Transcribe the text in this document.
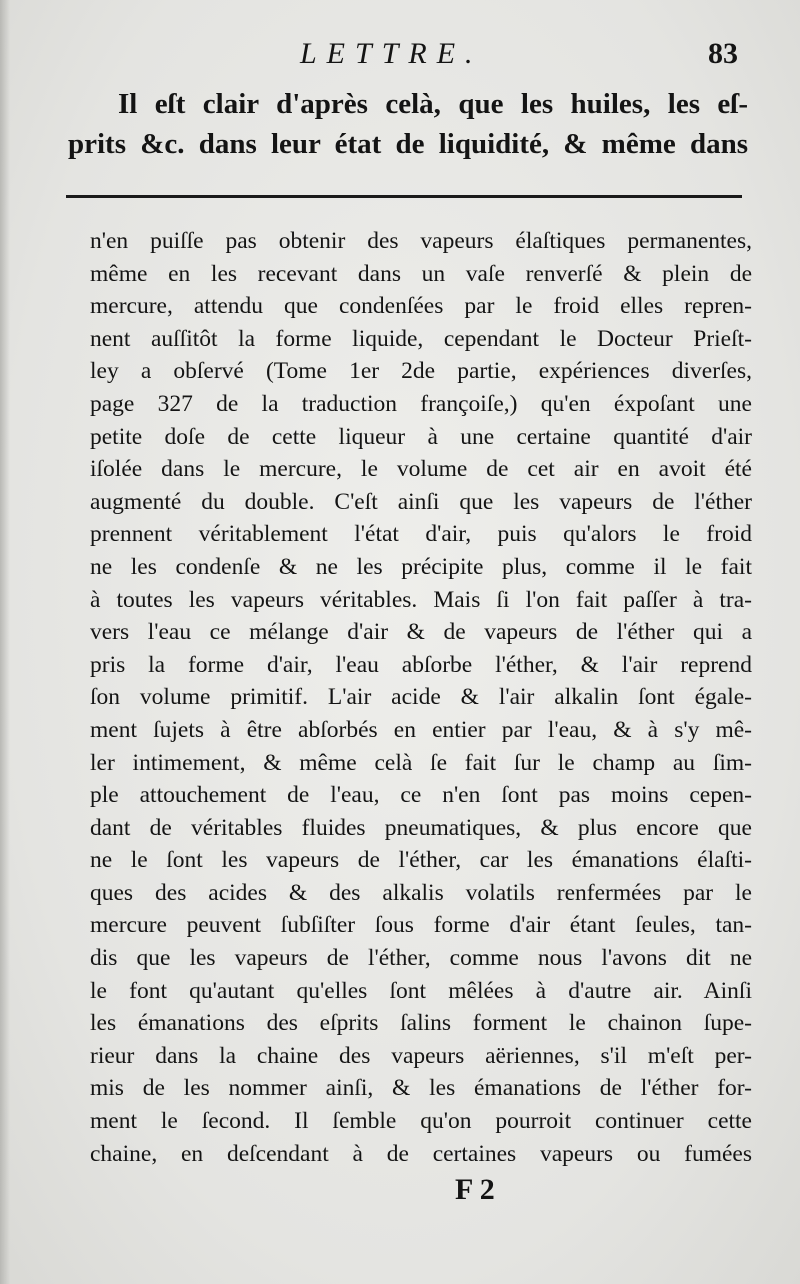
LETTRE.	83
Il eſt clair d'après celà, que les huiles, les eſ-
prits &c. dans leur état de liquidité, & même dans
n'en puiſſe pas obtenir des vapeurs élaſtiques permanentes,
même en les recevant dans un vaſe renverſé & plein de
mercure, attendu que condenſées par le froid elles repren-
nent auſſitôt la forme liquide, cependant le Docteur Prieſt-
ley a obſervé (Tome 1er 2de partie, expériences diverſes,
page 327 de la traduction françoiſe,) qu'en éxpoſant une
petite doſe de cette liqueur à une certaine quantité d'air
iſolée dans le mercure, le volume de cet air en avoit été
augmenté du double. C'eſt ainſi que les vapeurs de l'éther
prennent véritablement l'état d'air, puis qu'alors le froid
ne les condenſe & ne les précipite plus, comme il le fait
à toutes les vapeurs véritables. Mais ſi l'on fait paſſer à tra-
vers l'eau ce mélange d'air & de vapeurs de l'éther qui a
pris la forme d'air, l'eau abſorbe l'éther, & l'air reprend
ſon volume primitif. L'air acide & l'air alkalin ſont égale-
ment ſujets à être abſorbés en entier par l'eau, & à s'y mê-
ler intimement, & même celà ſe fait ſur le champ au ſim-
ple attouchement de l'eau, ce n'en ſont pas moins cepen-
dant de véritables fluides pneumatiques, & plus encore que
ne le ſont les vapeurs de l'éther, car les émanations élaſti-
ques des acides & des alkalis volatils renfermées par le
mercure peuvent ſubſiſter ſous forme d'air étant ſeules, tan-
dis que les vapeurs de l'éther, comme nous l'avons dit ne
le font qu'autant qu'elles ſont mêlées à d'autre air. Ainſi
les émanations des eſprits ſalins forment le chainon ſupe-
rieur dans la chaine des vapeurs aëriennes, s'il m'eſt per-
mis de les nommer ainſi, & les émanations de l'éther for-
ment le ſecond. Il ſemble qu'on pourroit continuer cette
chaine, en deſcendant à de certaines vapeurs ou fumées
F 2
